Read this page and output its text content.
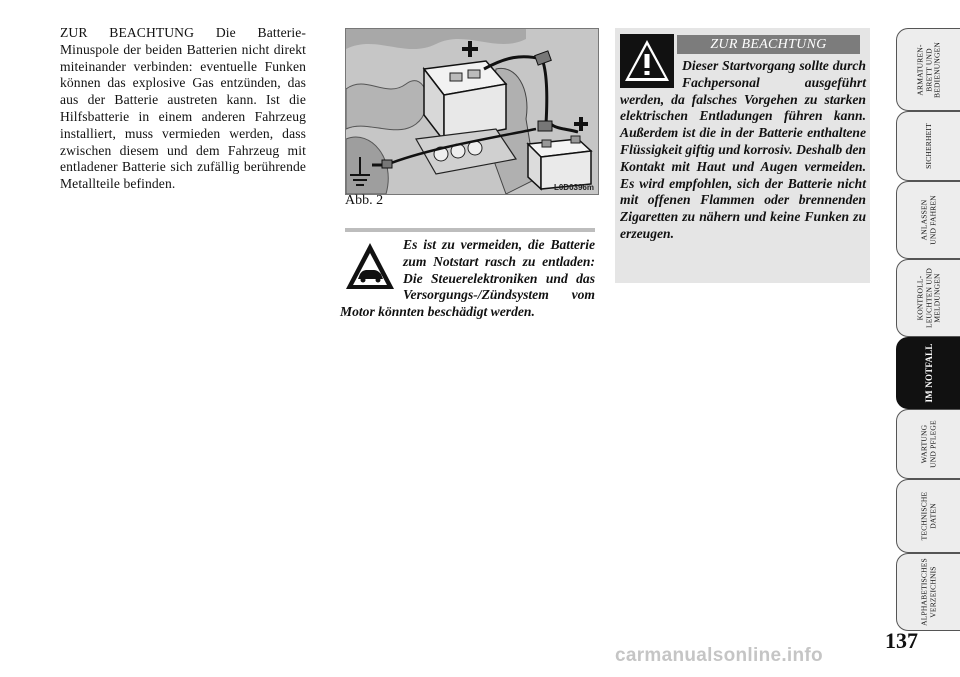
ZUR BEACHTUNG Die Batterie-Minuspole der beiden Batterien nicht direkt miteinander verbinden: eventuelle Funken können das explosive Gas entzünden, das aus der Batterie austreten kann. Ist die Hilfsbatterie in einem anderen Fahrzeug installiert, muss vermieden werden, dass zwischen diesem und dem Fahrzeug mit entladener Batterie sich zufällig berührende Metallteile befinden.	L0D0396m
Abb. 2
Es ist zu vermeiden, die Batterie zum Notstart rasch zu entladen: Die Steuerelektroniken und das Versorgungs-/Zündsystem vom Motor könnten beschädigt werden.
ZUR BEACHTUNG
Dieser Startvorgang sollte durch Fachpersonal ausgeführt werden, da falsches Vorgehen zu starken elektrischen Entladungen führen kann. Außerdem ist die in der Batterie enthaltene Flüssigkeit giftig und korrosiv. Deshalb den Kontakt mit Haut und Augen vermeiden. Es wird empfohlen, sich der Batterie nicht mit offenen Flammen oder brennenden Zigaretten zu nähern und keine Funken zu erzeugen.
ARMATUREN-
BRETT UND
BEDIENUNGEN
SICHERHEIT
ANLASSEN
UND FAHREN
KONTROLL-
LEUCHTEN UND
MELDUNGEN
IM NOTFALL
WARTUNG
UND PFLEGE
TECHNISCHE
DATEN
ALPHABETISCHES
VERZEICHNIS
137
carmanualsonline.info
